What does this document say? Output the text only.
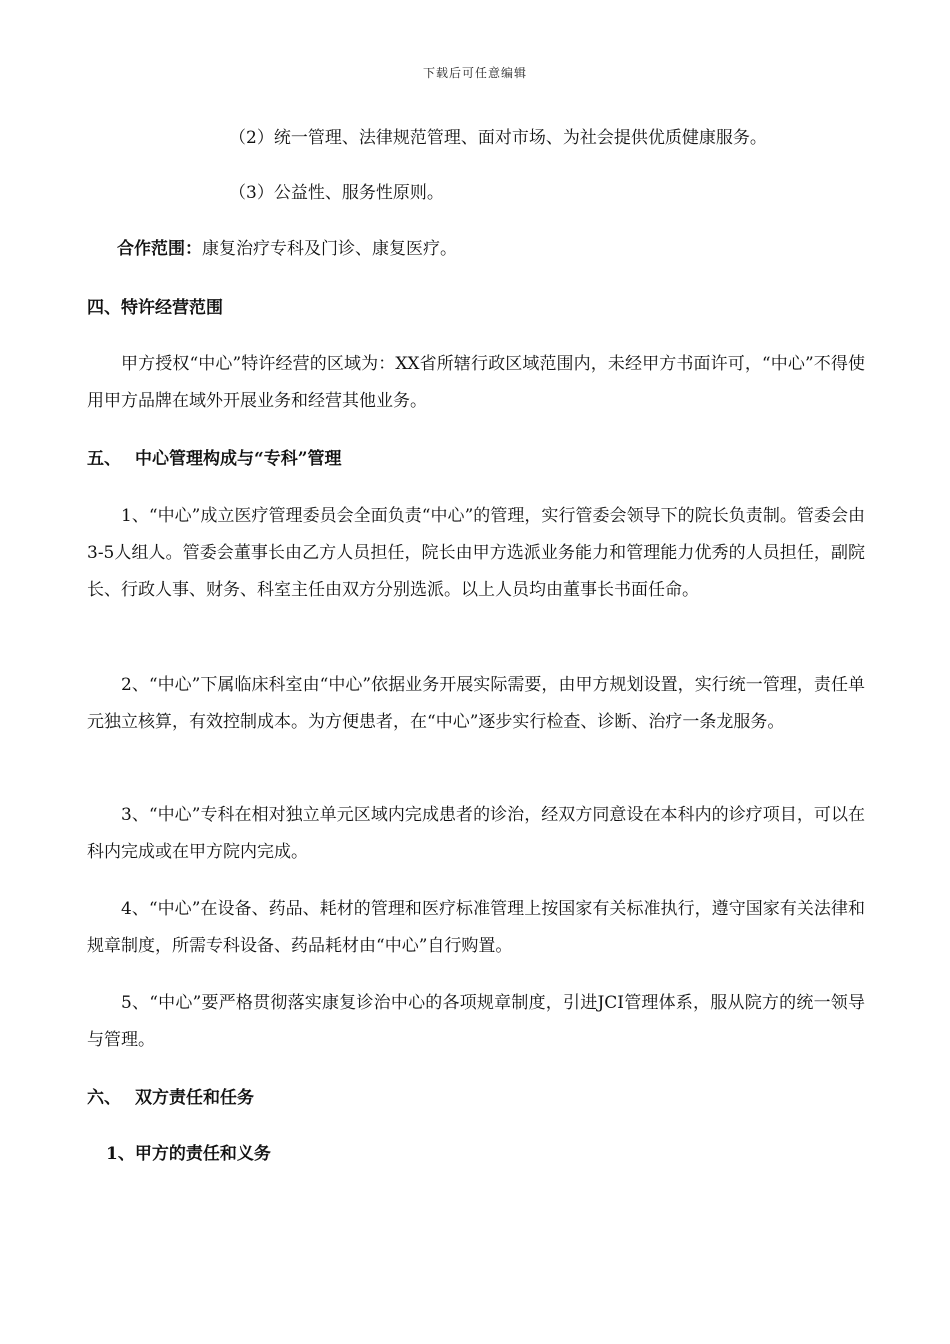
下载后可任意编辑

（2）统一管理、法律规范管理、面对市场、为社会提供优质健康服务。

（3）公益性、服务性原则。

合作范围：康复治疗专科及门诊、康复医疗。

四、特许经营范围

甲方授权“中心”特许经营的区域为：XX省所辖行政区域范围内，未经甲方书面许可，“中心”不得使用甲方品牌在域外开展业务和经营其他业务。

五、 中心管理构成与“专科”管理

1、“中心”成立医疗管理委员会全面负责“中心”的管理，实行管委会领导下的院长负责制。管委会由3-5人组人。管委会董事长由乙方人员担任，院长由甲方选派业务能力和管理能力优秀的人员担任，副院长、行政人事、财务、科室主任由双方分别选派。以上人员均由董事长书面任命。

2、“中心”下属临床科室由“中心”依据业务开展实际需要，由甲方规划设置，实行统一管理，责任单元独立核算，有效控制成本。为方便患者，在“中心”逐步实行检查、诊断、治疗一条龙服务。

3、“中心”专科在相对独立单元区域内完成患者的诊治，经双方同意设在本科内的诊疗项目，可以在科内完成或在甲方院内完成。

4、“中心”在设备、药品、耗材的管理和医疗标准管理上按国家有关标准执行，遵守国家有关法律和规章制度，所需专科设备、药品耗材由“中心”自行购置。

5、“中心”要严格贯彻落实康复诊治中心的各项规章制度，引进JCI管理体系，服从院方的统一领导与管理。

六、 双方责任和任务

1、甲方的责任和义务
